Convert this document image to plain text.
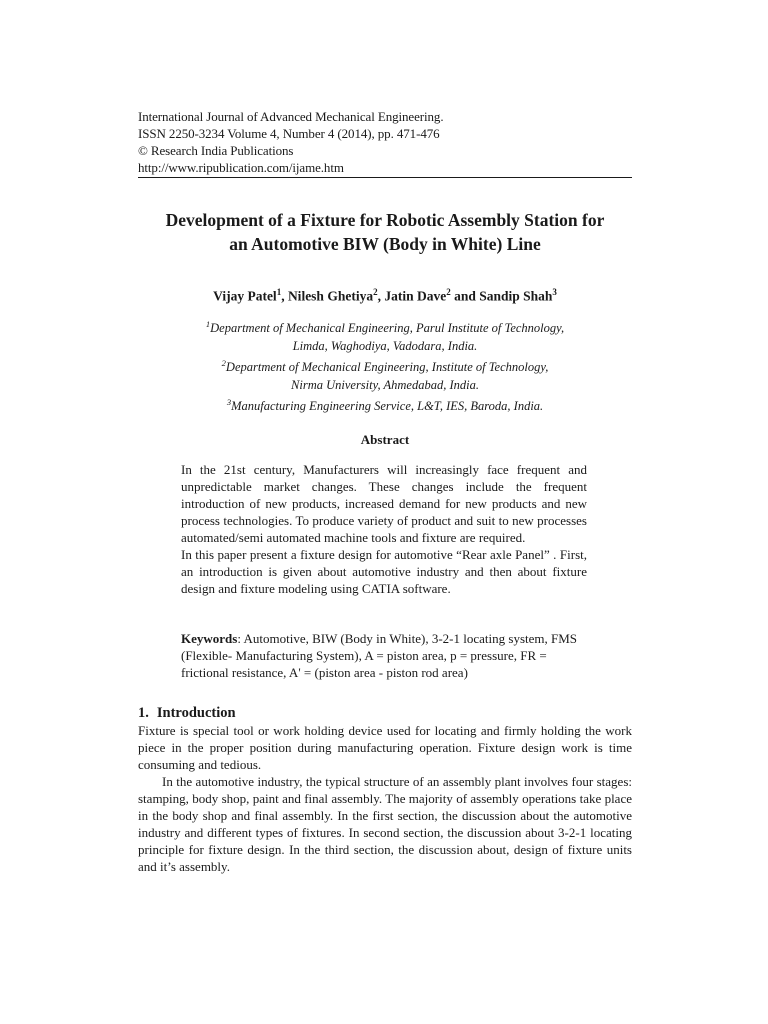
International Journal of Advanced Mechanical Engineering.
ISSN 2250-3234 Volume 4, Number 4 (2014), pp. 471-476
© Research India Publications
http://www.ripublication.com/ijame.htm
Development of a Fixture for Robotic Assembly Station for
an Automotive BIW (Body in White) Line
Vijay Patel$^1$, Nilesh Ghetiya$^2$, Jatin Dave$^2$ and Sandip Shah$^3$
$^1$Department of Mechanical Engineering, Parul Institute of Technology,
Limda, Waghodiya, Vadodara, India.
$^2$Department of Mechanical Engineering, Institute of Technology,
Nirma University, Ahmedabad, India.
$^3$Manufacturing Engineering Service, L&T, IES, Baroda, India.
Abstract

In the 21st century, Manufacturers will increasingly face frequent and unpredictable market changes. These changes include the frequent introduction of new products, increased demand for new products and new process technologies. To produce variety of product and suit to new processes automated/semi automated machine tools and fixture are required.

In this paper present a fixture design for automotive “Rear axle Panel” . First, an introduction is given about automotive industry and then about fixture design and fixture modeling using CATIA software.

Keywords: Automotive, BIW (Body in White), 3-2-1 locating system, FMS (Flexible- Manufacturing System), A = piston area, p = pressure, FR = frictional resistance, A' = (piston area - piston rod area)
1. Introduction

Fixture is special tool or work holding device used for locating and firmly holding the work piece in the proper position during manufacturing operation. Fixture design work is time consuming and tedious.

In the automotive industry, the typical structure of an assembly plant involves four stages: stamping, body shop, paint and final assembly. The majority of assembly operations take place in the body shop and final assembly. In the first section, the discussion about the automotive industry and different types of fixtures. In second section, the discussion about 3-2-1 locating principle for fixture design. In the third section, the discussion about, design of fixture units and it’s assembly.
